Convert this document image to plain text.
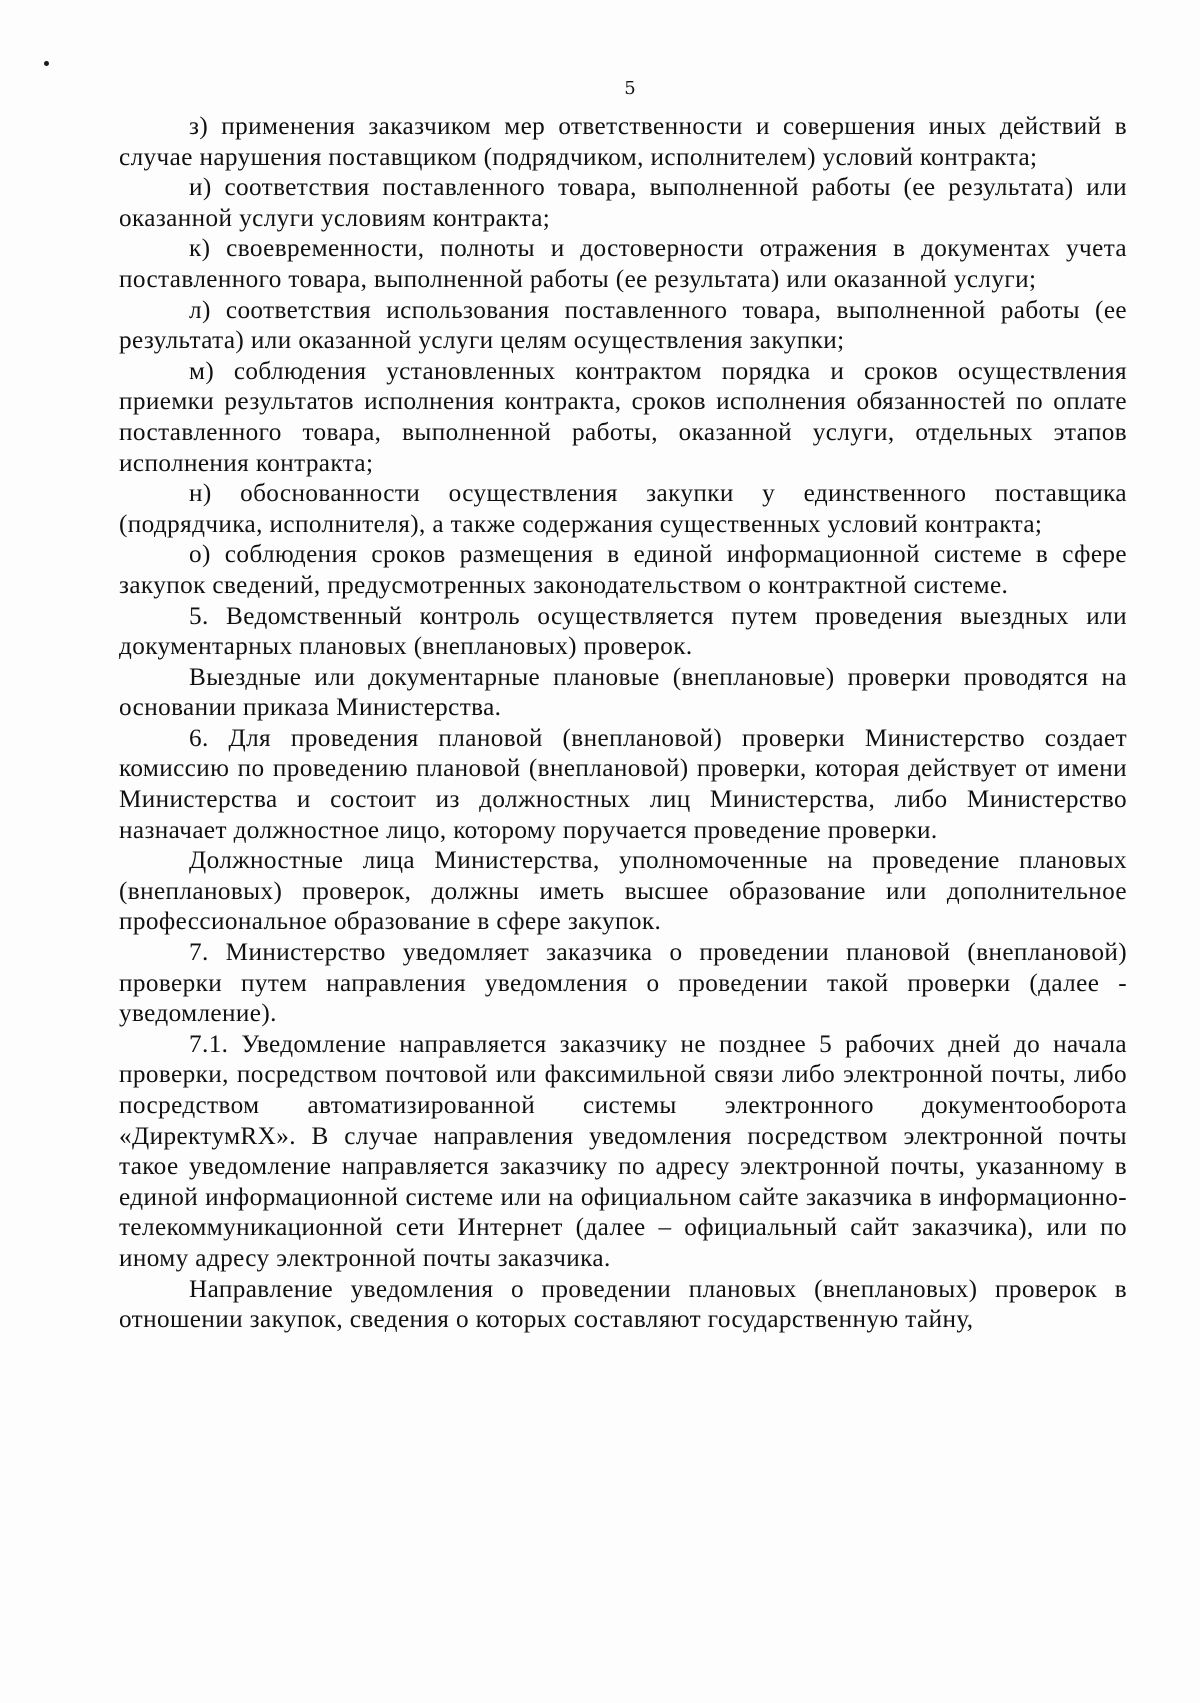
5

з) применения заказчиком мер ответственности и совершения иных действий в случае нарушения поставщиком (подрядчиком, исполнителем) условий контракта;

и) соответствия поставленного товара, выполненной работы (ее результата) или оказанной услуги условиям контракта;

к) своевременности, полноты и достоверности отражения в документах учета поставленного товара, выполненной работы (ее результата) или оказанной услуги;

л) соответствия использования поставленного товара, выполненной работы (ее результата) или оказанной услуги целям осуществления закупки;

м) соблюдения установленных контрактом порядка и сроков осуществления приемки результатов исполнения контракта, сроков исполнения обязанностей по оплате поставленного товара, выполненной работы, оказанной услуги, отдельных этапов исполнения контракта;

н) обоснованности осуществления закупки у единственного поставщика (подрядчика, исполнителя), а также содержания существенных условий контракта;

о) соблюдения сроков размещения в единой информационной системе в сфере закупок сведений, предусмотренных законодательством о контрактной системе.

5. Ведомственный контроль осуществляется путем проведения выездных или документарных плановых (внеплановых) проверок.

Выездные или документарные плановые (внеплановые) проверки проводятся на основании приказа Министерства.

6. Для проведения плановой (внеплановой) проверки Министерство создает комиссию по проведению плановой (внеплановой) проверки, которая действует от имени Министерства и состоит из должностных лиц Министерства, либо Министерство назначает должностное лицо, которому поручается проведение проверки.

Должностные лица Министерства, уполномоченные на проведение плановых (внеплановых) проверок, должны иметь высшее образование или дополнительное профессиональное образование в сфере закупок.

7. Министерство уведомляет заказчика о проведении плановой (внеплановой) проверки путем направления уведомления о проведении такой проверки (далее - уведомление).

7.1. Уведомление направляется заказчику не позднее 5 рабочих дней до начала проверки, посредством почтовой или факсимильной связи либо электронной почты, либо посредством автоматизированной системы электронного документооборота «ДиректумRX». В случае направления уведомления посредством электронной почты такое уведомление направляется заказчику по адресу электронной почты, указанному в единой информационной системе или на официальном сайте заказчика в информационно-телекоммуникационной сети Интернет (далее – официальный сайт заказчика), или по иному адресу электронной почты заказчика.

Направление уведомления о проведении плановых (внеплановых) проверок в отношении закупок, сведения о которых составляют государственную тайну,
